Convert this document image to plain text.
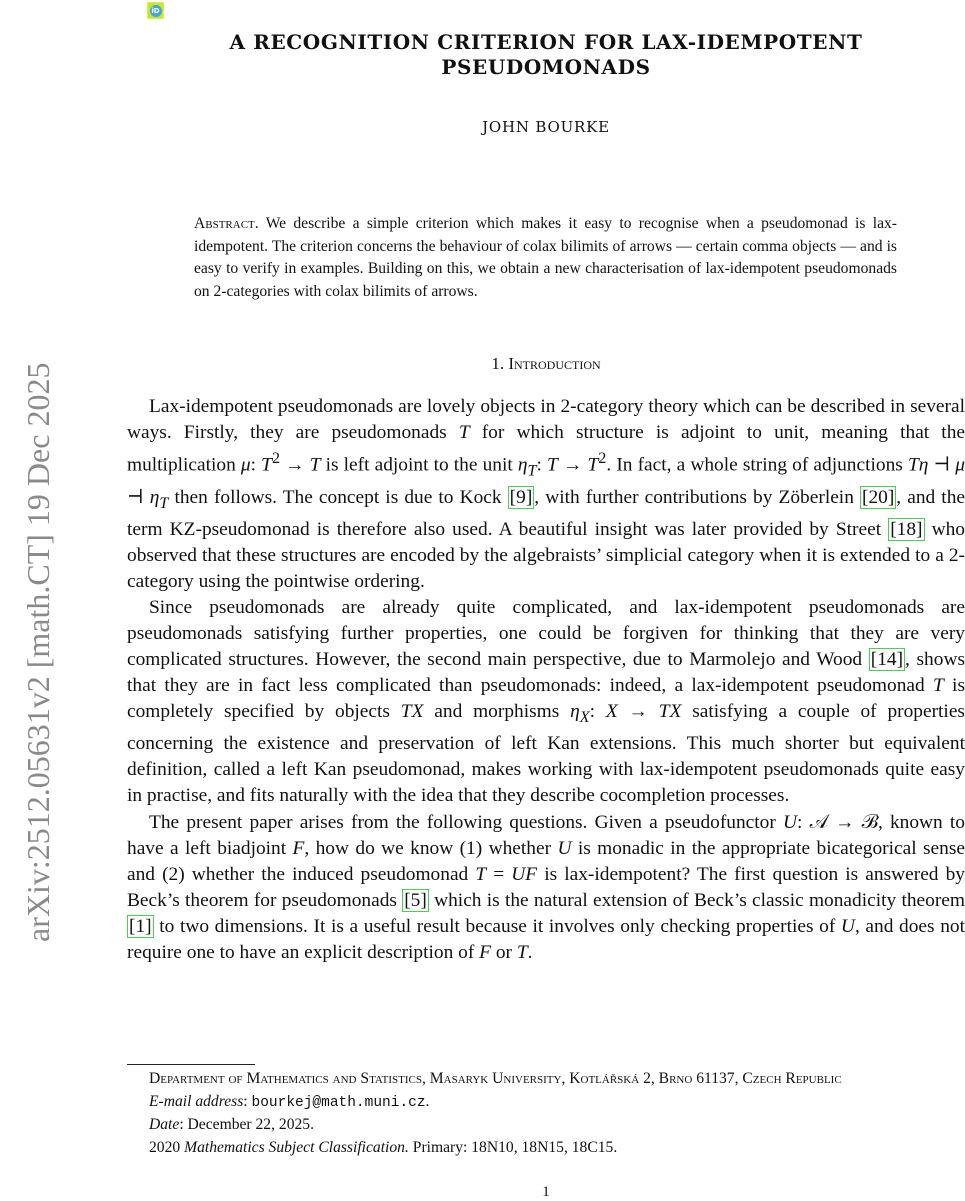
iD
arXiv:2512.05631v2 [math.CT] 19 Dec 2025
A RECOGNITION CRITERION FOR LAX-IDEMPOTENT
PSEUDOMONADS
JOHN BOURKE
Abstract. We describe a simple criterion which makes it easy to recognise when a pseudomonad is lax-idempotent. The criterion concerns the behaviour of colax bilimits of arrows — certain comma objects — and is easy to verify in examples. Building on this, we obtain a new characterisation of lax-idempotent pseudomonads on 2-categories with colax bilimits of arrows.
1. Introduction

Lax-idempotent pseudomonads are lovely objects in 2-category theory which can be described in several ways. Firstly, they are pseudomonads T for which structure is adjoint to unit, meaning that the multiplication μ: $T^2 \to T$ is left adjoint to the unit $\eta_T$: $T \to T^2$. In fact, a whole string of adjunctions Tη ⊣ μ ⊣ $\eta_T$ then follows. The concept is due to Kock [9] , with further contributions by Zöberlein [20] , and the term KZ-pseudomonad is therefore also used. A beautiful insight was later provided by Street [18] who observed that these structures are encoded by the algebraists’ simplicial category when it is extended to a 2-category using the pointwise ordering.

Since pseudomonads are already quite complicated, and lax-idempotent pseudomonads are pseudomonads satisfying further properties, one could be forgiven for thinking that they are very complicated structures. However, the second main perspective, due to Marmolejo and Wood [14] , shows that they are in fact less complicated than pseudomonads: indeed, a lax-idempotent pseudomonad T is completely specified by objects TX and morphisms $\eta_X$: X → TX satisfying a couple of properties concerning the existence and preservation of left Kan extensions. This much shorter but equivalent definition, called a left Kan pseudomonad, makes working with lax-idempotent pseudomonads quite easy in practise, and fits naturally with the idea that they describe cocompletion processes.

The present paper arises from the following questions. Given a pseudofunctor U: 𝒜 → ℬ, known to have a left biadjoint F, how do we know (1) whether U is monadic in the appropriate bicategorical sense and (2) whether the induced pseudomonad T = UF is lax-idempotent? The first question is answered by Beck’s theorem for pseudomonads [5] which is the natural extension of Beck’s classic monadicity theorem [1] to two dimensions. It is a useful result because it involves only checking properties of U, and does not require one to have an explicit description of F or T.

Department of Mathematics and Statistics, Masaryk University, Kotlářská 2, Brno 61137, Czech Republic
E-mail address: bourkej@math.muni.cz.
Date: December 22, 2025.
2020 Mathematics Subject Classification. Primary: 18N10, 18N15, 18C15.
1
